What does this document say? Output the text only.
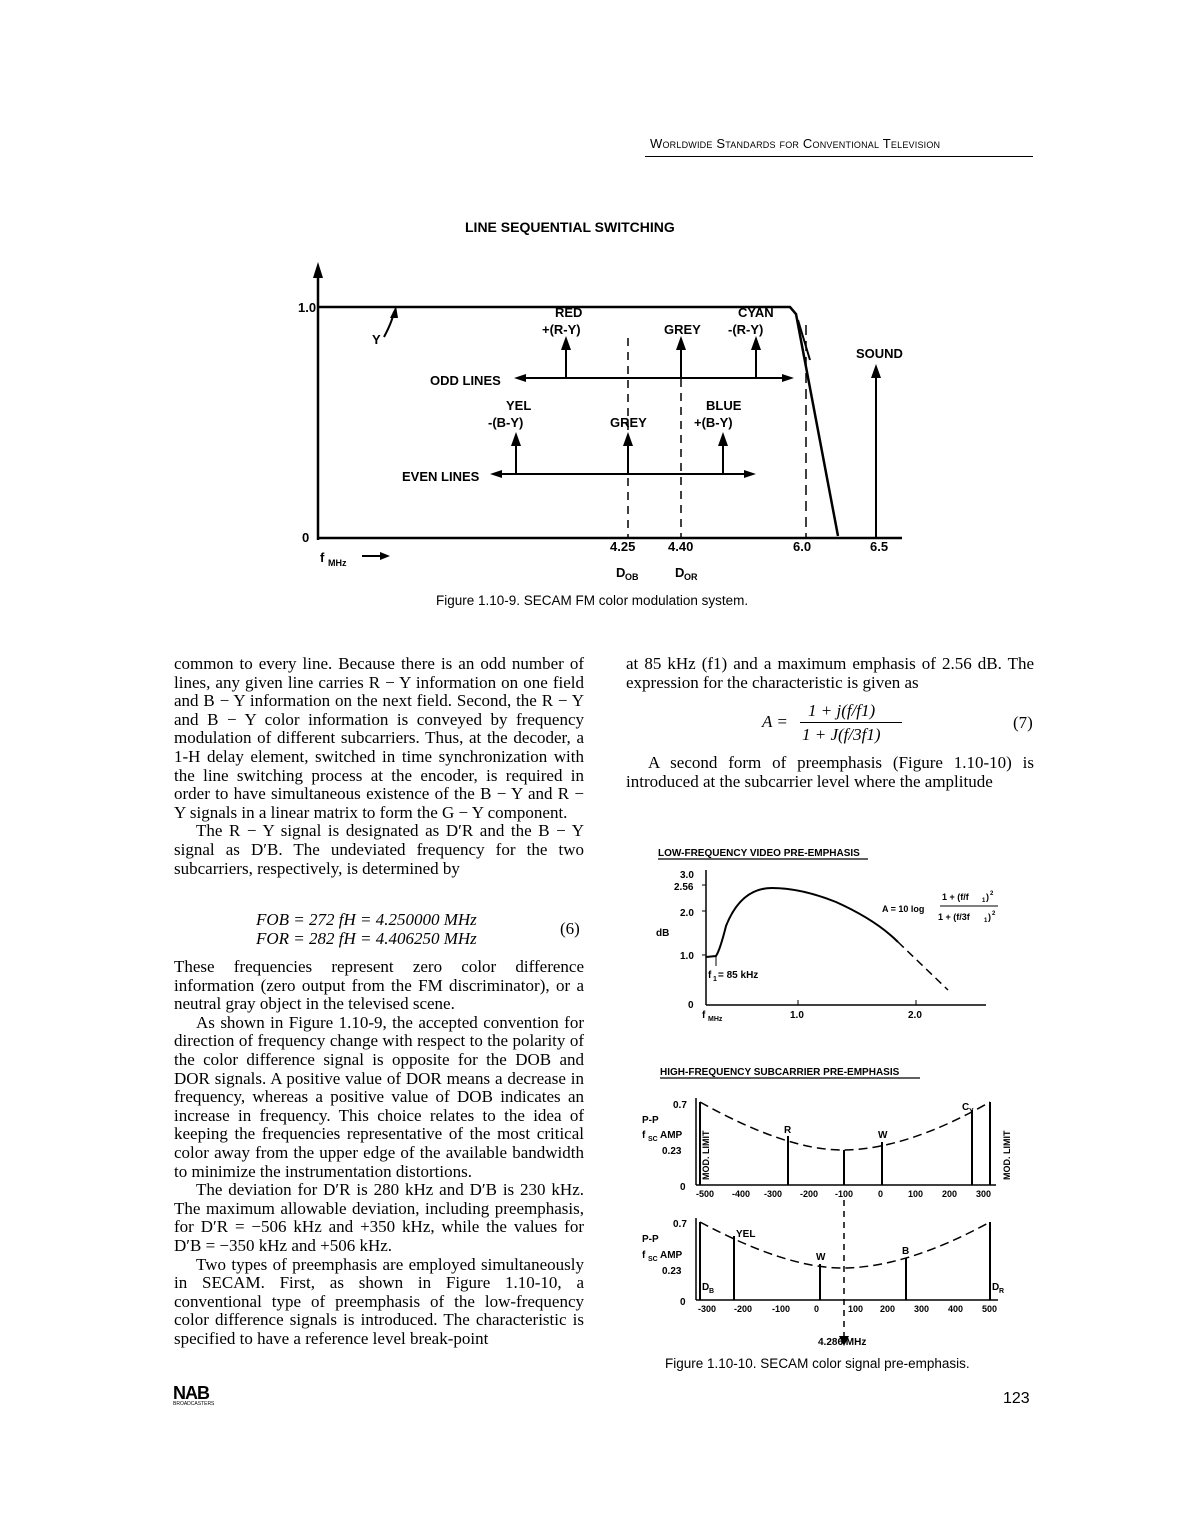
Worldwide Standards for Conventional Television
LINE SEQUENTIAL SWITCHING
1.0
0
f MHz
Y
ODD LINES
RED
+(R-Y)	GREY
CYAN
-(R-Y)
EVEN LINES
YEL
-(B-Y)	GREY
BLUE
+(B-Y)
SOUND
4.25	4.40	6.0	6.5
D OB	D OR
Figure 1.10-9. SECAM FM color modulation system.

common to every line. Because there is an odd number of lines, any given line carries R − Y information on one field and B − Y information on the next field. Second, the R − Y and B − Y color information is conveyed by frequency modulation of different subcarriers. Thus, at the decoder, a 1-H delay element, switched in time synchronization with the line switching process at the encoder, is required in order to have simultaneous existence of the B − Y and R − Y signals in a linear matrix to form the G − Y component.

The R − Y signal is designated as D′R and the B − Y signal as D′B. The undeviated frequency for the two subcarriers, respectively, is determined by

FOB = 272 fH = 4.250000 MHz
FOR = 282 fH = 4.406250 MHz
(6)

These frequencies represent zero color difference information (zero output from the FM discriminator), or a neutral gray object in the televised scene.

As shown in Figure 1.10-9, the accepted convention for direction of frequency change with respect to the polarity of the color difference signal is opposite for the DOB and DOR signals. A positive value of DOR means a decrease in frequency, whereas a positive value of DOB indicates an increase in frequency. This choice relates to the idea of keeping the frequencies representative of the most critical color away from the upper edge of the available bandwidth to minimize the instrumentation distortions.

The deviation for D′R is 280 kHz and D′B is 230 kHz. The maximum allowable deviation, including preemphasis, for D′R = −506 kHz and +350 kHz, while the values for D′B = −350 kHz and +506 kHz.

Two types of preemphasis are employed simultaneously in SECAM. First, as shown in Figure 1.10-10, a conventional type of preemphasis of the low-frequency color difference signals is introduced. The characteristic is specified to have a reference level break-point

at 85 kHz (f1) and a maximum emphasis of 2.56 dB. The expression for the characteristic is given as

A =
1 + j(f/f1)
1 + J(f/3f1)
(7)

A second form of preemphasis (Figure 1.10-10) is introduced at the subcarrier level where the amplitude

LOW-FREQUENCY VIDEO PRE-EMPHASIS
3.0
2.56
2.0
dB
1.0
0
f 1 = 85 kHz
f MHz	1.0	2.0
A = 10 log
1 + (f/f 1 ) 2
1 + (f/3f 1 ) 2
HIGH-FREQUENCY SUBCARRIER PRE-EMPHASIS
0.7
P-P
f SC AMP
0.23
0
R	W
C Y
MOD. LIMIT	MOD. LIMIT
-500 -400 -300 -200 -100	0	100 200 300
0.7
P-P
f SC AMP
0.23
0
YEL
W
B
D B	D R
-300 -200 -100	0	100 200 300 400 500
4.286 MHz
Figure 1.10-10. SECAM color signal pre-emphasis.
NAB
BROADCASTERS	123
